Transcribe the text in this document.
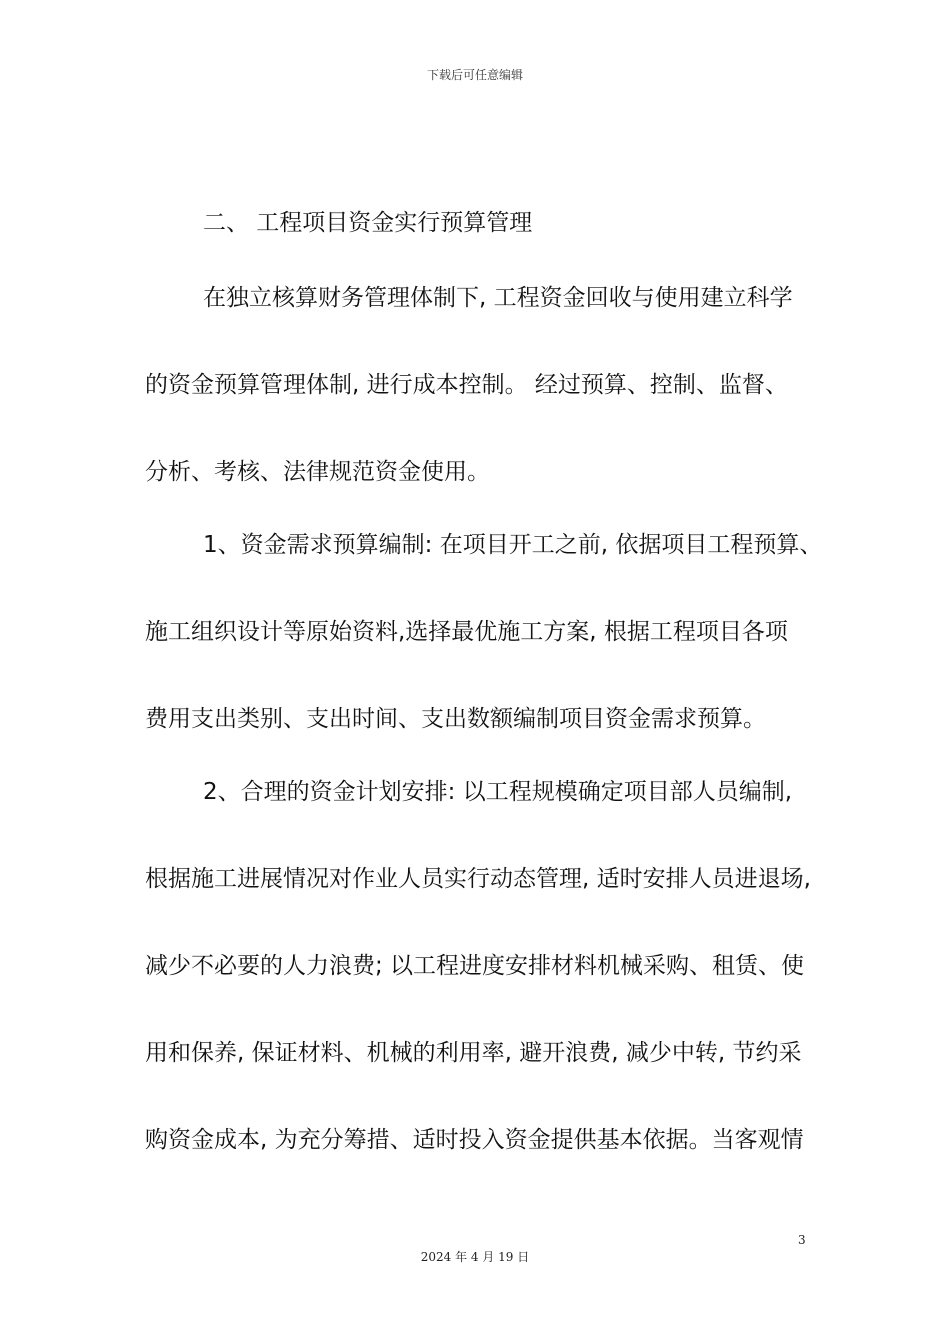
下载后可任意编辑
二、 工程项目资金实行预算管理
在独立核算财务管理体制下, 工程资金回收与使用建立科学
的资金预算管理体制, 进行成本控制。 经过预算、控制、监督、
分析、考核、法律规范资金使用。
1、资金需求预算编制: 在项目开工之前, 依据项目工程预算、
施工组织设计等原始资料,选择最优施工方案, 根据工程项目各项
费用支出类别、支出时间、支出数额编制项目资金需求预算。
2、合理的资金计划安排: 以工程规模确定项目部人员编制,
根据施工进展情况对作业人员实行动态管理, 适时安排人员进退场,
减少不必要的人力浪费; 以工程进度安排材料机械采购、租赁、使
用和保养, 保证材料、机械的利用率, 避开浪费, 减少中转, 节约采
购资金成本, 为充分筹措、适时投入资金提供基本依据。当客观情
3
2024 年 4 月 19 日
